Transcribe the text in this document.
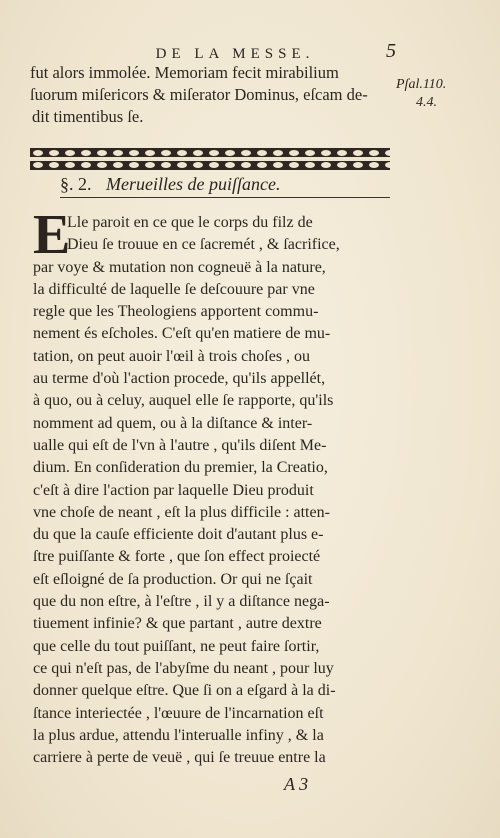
DE LA MESSE.	5
fut alors immolée. Memoriam fecit mirabilium
ſuorum miſericors & miſerator Dominus, eſcam de-
dit timentibus ſe.
Pſal.110.
4.4.
§. 2. Merueilles de puiſſance.
E
Lle paroit en ce que le corps du filz de
Dieu ſe trouue en ce ſacremét , & ſacrifice,
par voye & mutation non cogneuë à la nature,
la difficulté de laquelle ſe deſcouure par vne
regle que les Theologiens apportent commu-
nement és eſcholes. C'eſt qu'en matiere de mu-
tation, on peut auoir l'œil à trois choſes , ou
au terme d'où l'action procede, qu'ils appellét,
à quo, ou à celuy, auquel elle ſe rapporte, qu'ils
nomment ad quem, ou à la diſtance & inter-
ualle qui eſt de l'vn à l'autre , qu'ils diſent Me-
dium. En conſideration du premier, la Creatio,
c'eſt à dire l'action par laquelle Dieu produit
vne choſe de neant , eſt la plus difficile : atten-
du que la cauſe efficiente doit d'autant plus e-
ſtre puiſſante & forte , que ſon effect proiecté
eſt eſloigné de ſa production. Or qui ne ſçait
que du non eſtre, à l'eſtre , il y a diſtance nega-
tiuement infinie? & que partant , autre dextre
que celle du tout puiſſant, ne peut faire ſortir,
ce qui n'eſt pas, de l'abyſme du neant , pour luy
donner quelque eſtre. Que ſi on a eſgard à la di-
ſtance interiectée , l'œuure de l'incarnation eſt
la plus ardue, attendu l'interualle infiny , & la
carriere à perte de veuë , qui ſe treuue entre la
A 3
